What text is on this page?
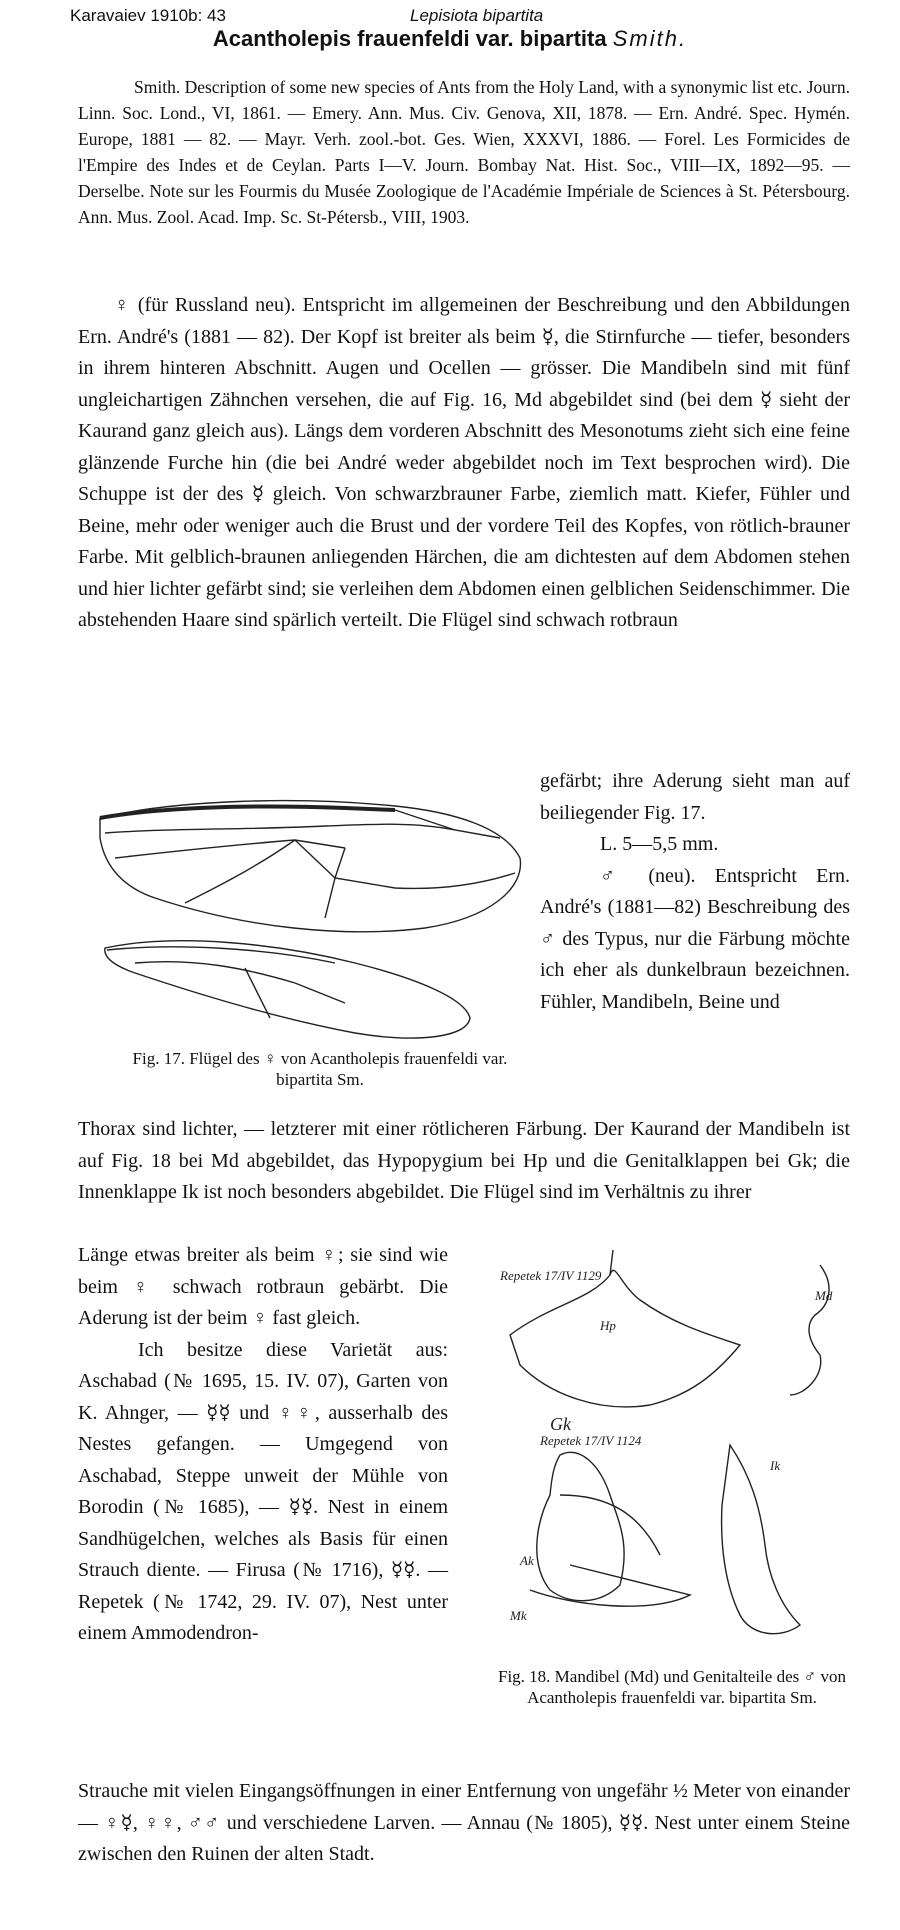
Karavaiev 1910b: 43	Lepisiota bipartita
Acantholepis frauenfeldi var. bipartita Smith.

Smith. Description of some new species of Ants from the Holy Land, with a synonymic list etc. Journ. Linn. Soc. Lond., VI, 1861. — Emery. Ann. Mus. Civ. Genova, XII, 1878. — Ern. André. Spec. Hymén. Europe, 1881 — 82. — Mayr. Verh. zool.-bot. Ges. Wien, XXXVI, 1886. — Forel. Les Formicides de l'Empire des Indes et de Ceylan. Parts I—V. Journ. Bombay Nat. Hist. Soc., VIII—IX, 1892—95. — Derselbe. Note sur les Fourmis du Musée Zoologique de l'Académie Impériale de Sciences à St. Pétersbourg. Ann. Mus. Zool. Acad. Imp. Sc. St-Pétersb., VIII, 1903.

♀ (für Russland neu). Entspricht im allgemeinen der Beschreibung und den Abbildungen Ern. André's (1881 — 82). Der Kopf ist breiter als beim ☿, die Stirnfurche — tiefer, besonders in ihrem hinteren Abschnitt. Augen und Ocellen — grösser. Die Mandibeln sind mit fünf ungleichartigen Zähnchen versehen, die auf Fig. 16, Md abgebildet sind (bei dem ☿ sieht der Kaurand ganz gleich aus). Längs dem vorderen Abschnitt des Mesonotums zieht sich eine feine glänzende Furche hin (die bei André weder abgebildet noch im Text besprochen wird). Die Schuppe ist der des ☿ gleich. Von schwarzbrauner Farbe, ziemlich matt. Kiefer, Fühler und Beine, mehr oder weniger auch die Brust und der vordere Teil des Kopfes, von rötlich-brauner Farbe. Mit gelblich-braunen anliegenden Härchen, die am dichtesten auf dem Abdomen stehen und hier lichter gefärbt sind; sie verleihen dem Abdomen einen gelblichen Seidenschimmer. Die abstehenden Haare sind spärlich verteilt. Die Flügel sind schwach rotbraun

Fig. 17. Flügel des ♀ von Acantholepis frauenfeldi var. bipartita Sm.

gefärbt; ihre Aderung sieht man auf beiliegender Fig. 17.

L. 5—5,5 mm.

♂ (neu). Entspricht Ern. André's (1881—82) Beschreibung des ♂ des Typus, nur die Färbung möchte ich eher als dunkelbraun bezeichnen. Fühler, Mandibeln, Beine und

Thorax sind lichter, — letzterer mit einer rötlicheren Färbung. Der Kaurand der Mandibeln ist auf Fig. 18 bei Md abgebildet, das Hypopygium bei Hp und die Genitalklappen bei Gk; die Innenklappe Ik ist noch besonders abgebildet. Die Flügel sind im Verhältnis zu ihrer

Länge etwas breiter als beim ♀; sie sind wie beim ♀ schwach rotbraun gebärbt. Die Aderung ist der beim ♀ fast gleich.

Ich besitze diese Varietät aus: Aschabad (№ 1695, 15. IV. 07), Garten von K. Ahnger, — ☿☿ und ♀♀, ausserhalb des Nestes gefangen. — Umgegend von Aschabad, Steppe unweit der Mühle von Borodin (№ 1685), — ☿☿. Nest in einem Sandhügelchen, welches als Basis für einen Strauch diente. — Firusa (№ 1716), ☿☿. — Repetek (№ 1742, 29. IV. 07), Nest unter einem Ammodendron-

Repetek 17/IV 1129
Hp
Md
Gk
Repetek 17/IV 1124
Ik
Ak
Mk
Fig. 18. Mandibel (Md) und Genitalteile des ♂ von Acantholepis frauenfeldi var. bipartita Sm.

Strauche mit vielen Eingangsöffnungen in einer Entfernung von ungefähr ½ Meter von einander — ♀☿, ♀♀, ♂♂ und verschiedene Larven. — Annau (№ 1805), ☿☿. Nest unter einem Steine zwischen den Ruinen der alten Stadt.
